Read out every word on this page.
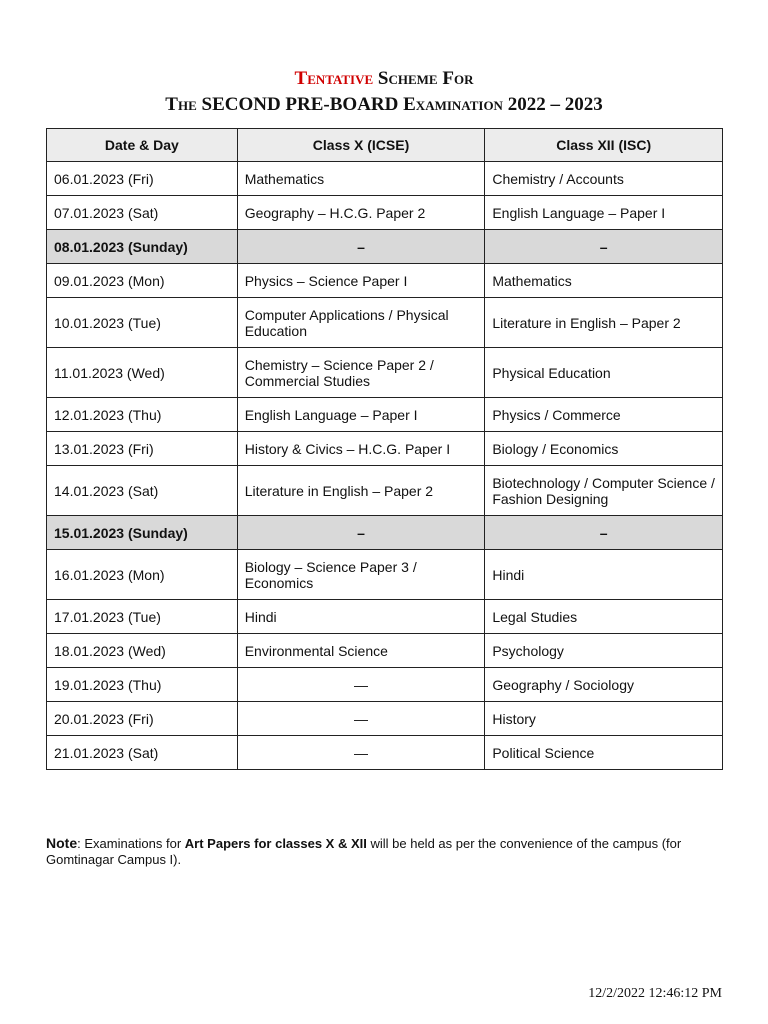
Tentative Scheme For
The SECOND PRE-BOARD Examination 2022 – 2023
Date & Day	Class X (ICSE)	Class XII (ISC)
06.01.2023 (Fri)	Mathematics	Chemistry / Accounts
07.01.2023 (Sat)	Geography – H.C.G. Paper 2	English Language – Paper I
08.01.2023 (Sunday)	–	–
09.01.2023 (Mon)	Physics – Science Paper I	Mathematics
10.01.2023 (Tue)	Computer Applications / Physical Education	Literature in English – Paper 2
11.01.2023 (Wed)	Chemistry – Science Paper 2 / Commercial Studies	Physical Education
12.01.2023 (Thu)	English Language – Paper I	Physics / Commerce
13.01.2023 (Fri)	History & Civics – H.C.G. Paper I	Biology / Economics
14.01.2023 (Sat)	Literature in English – Paper 2	Biotechnology / Computer Science / Fashion Designing
15.01.2023 (Sunday)	–	–
16.01.2023 (Mon)	Biology – Science Paper 3 / Economics	Hindi
17.01.2023 (Tue)	Hindi	Legal Studies
18.01.2023 (Wed)	Environmental Science	Psychology
19.01.2023 (Thu)	—	Geography / Sociology
20.01.2023 (Fri)	—	History
21.01.2023 (Sat)	—	Political Science
Note: Examinations for Art Papers for classes X & XII will be held as per the convenience of the campus (for Gomtinagar Campus I).
12/2/2022 12:46:12 PM
